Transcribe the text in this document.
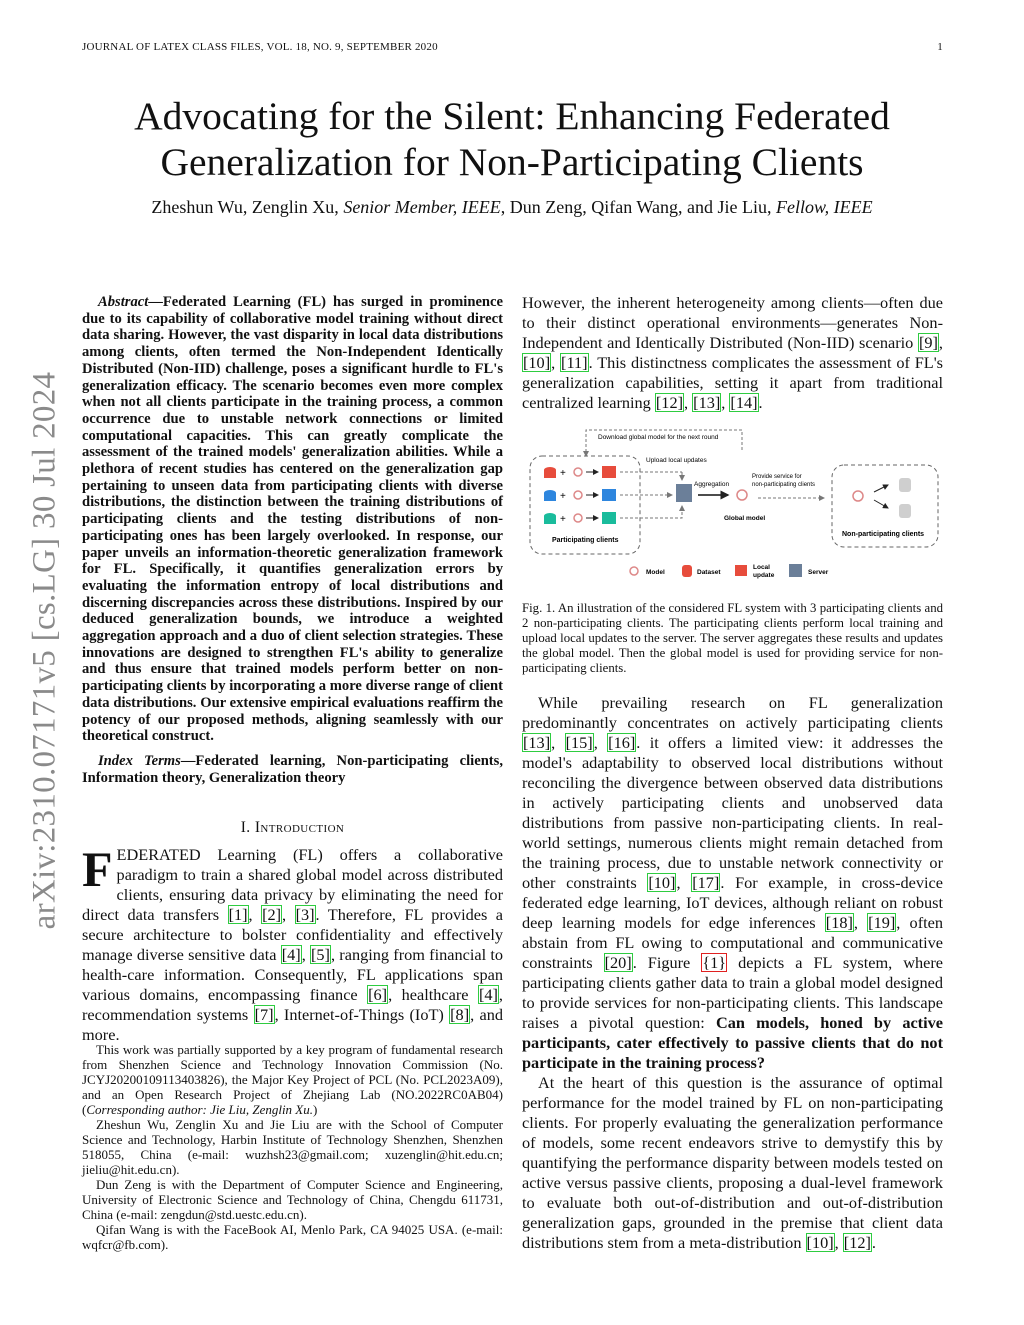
JOURNAL OF LATEX CLASS FILES, VOL. 18, NO. 9, SEPTEMBER 2020	1
arXiv:2310.07171v5 [cs.LG] 30 Jul 2024
Advocating for the Silent: Enhancing Federated
Generalization for Non-Participating Clients
Zheshun Wu, Zenglin Xu, Senior Member, IEEE, Dun Zeng, Qifan Wang, and Jie Liu, Fellow, IEEE

Abstract—Federated Learning (FL) has surged in prominence due to its capability of collaborative model training without direct data sharing. However, the vast disparity in local data distributions among clients, often termed the Non-Independent Identically Distributed (Non-IID) challenge, poses a significant hurdle to FL's generalization efficacy. The scenario becomes even more complex when not all clients participate in the training process, a common occurrence due to unstable network connections or limited computational capacities. This can greatly complicate the assessment of the trained models' generalization abilities. While a plethora of recent studies has centered on the generalization gap pertaining to unseen data from participating clients with diverse distributions, the distinction between the training distributions of participating clients and the testing distributions of non-participating ones has been largely overlooked. In response, our paper unveils an information-theoretic generalization framework for FL. Specifically, it quantifies generalization errors by evaluating the information entropy of local distributions and discerning discrepancies across these distributions. Inspired by our deduced generalization bounds, we introduce a weighted aggregation approach and a duo of client selection strategies. These innovations are designed to strengthen FL's ability to generalize and thus ensure that trained models perform better on non-participating clients by incorporating a more diverse range of client data distributions. Our extensive empirical evaluations reaffirm the potency of our proposed methods, aligning seamlessly with our theoretical construct.

Index Terms—Federated learning, Non-participating clients, Information theory, Generalization theory

I. Introduction

FEDERATED Learning (FL) offers a collaborative paradigm to train a shared global model across distributed clients, ensuring data privacy by eliminating the need for direct data transfers [1], [2], [3]. Therefore, FL provides a secure architecture to bolster confidentiality and effectively manage diverse sensitive data [4], [5], ranging from financial to health-care information. Consequently, FL applications span various domains, encompassing finance [6], healthcare [4], recommendation systems [7], Internet-of-Things (IoT) [8], and more.

This work was partially supported by a key program of fundamental research from Shenzhen Science and Technology Innovation Commission (No. JCYJ20200109113403826), the Major Key Project of PCL (No. PCL2023A09), and an Open Research Project of Zhejiang Lab (NO.2022RC0AB04) (Corresponding author: Jie Liu, Zenglin Xu.)

Zheshun Wu, Zenglin Xu and Jie Liu are with the School of Computer Science and Technology, Harbin Institute of Technology Shenzhen, Shenzhen 518055, China (e-mail: wuzhsh23@gmail.com; xuzenglin@hit.edu.cn; jieliu@hit.edu.cn).

Dun Zeng is with the Department of Computer Science and Engineering, University of Electronic Science and Technology of China, Chengdu 611731, China (e-mail: zengdun@std.uestc.edu.cn).

Qifan Wang is with the FaceBook AI, Menlo Park, CA 94025 USA. (e-mail: wqfcr@fb.com).

However, the inherent heterogeneity among clients—often due to their distinct operational environments—generates Non-Independent and Identically Distributed (Non-IID) scenario [9], [10], [11]. This distinctness complicates the assessment of FL's generalization capabilities, setting it apart from traditional centralized learning [12], [13], [14].

Download global model for the next round
+
+
+
Participating clients
Upload local updates
Aggregation
Global model
Provide service for
non-participating clients
Non-participating clients
Model	Dataset
Local
update	Server
Fig. 1. An illustration of the considered FL system with 3 participating clients and 2 non-participating clients. The participating clients perform local training and upload local updates to the server. The server aggregates these results and updates the global model. Then the global model is used for providing service for non-participating clients.

While prevailing research on FL generalization predominantly concentrates on actively participating clients [13], [15], [16]. it offers a limited view: it addresses the model's adaptability to observed local distributions without reconciling the divergence between observed data distributions in actively participating clients and unobserved data distributions from passive non-participating clients. In real-world settings, numerous clients might remain detached from the training process, due to unstable network connectivity or other constraints [10], [17]. For example, in cross-device federated edge learning, IoT devices, although reliant on robust deep learning models for edge inferences [18], [19], often abstain from FL owing to computational and communicative constraints [20]. Figure {1} depicts a FL system, where participating clients gather data to train a global model designed to provide services for non-participating clients. This landscape raises a pivotal question: Can models, honed by active participants, cater effectively to passive clients that do not participate in the training process?

At the heart of this question is the assurance of optimal performance for the model trained by FL on non-participating clients. For properly evaluating the generalization performance of models, some recent endeavors strive to demystify this by quantifying the performance disparity between models tested on active versus passive clients, proposing a dual-level framework to evaluate both out-of-distribution and out-of-distribution generalization gaps, grounded in the premise that client data distributions stem from a meta-distribution [10], [12].
